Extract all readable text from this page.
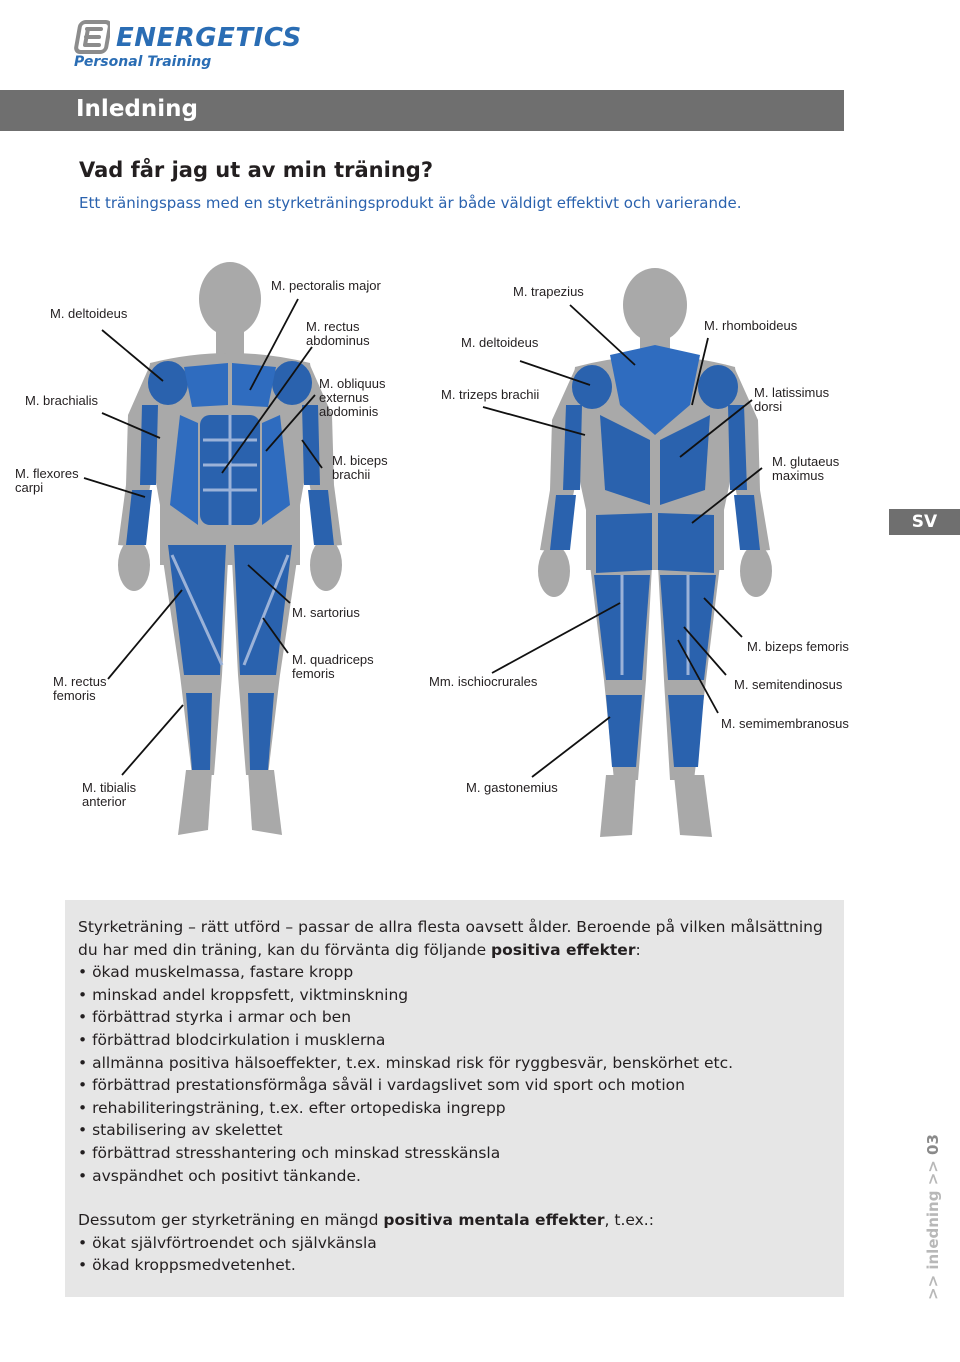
ENERGETICS
Personal Training
Inledning
Vad får jag ut av min träning?
Ett träningspass med en styrketräningsprodukt är både väldigt effektivt och varierande.
M. deltoideus
M. pectoralis major
M. rectus
abdominus
M. brachialis
M. obliquus
externus
abdominis
M. flexores
carpi
M. biceps
brachii
M. sartorius
M. rectus
femoris
M. quadriceps
femoris
M. tibialis
anterior
M. trapezius
M. deltoideus
M. rhomboideus
M. trizeps brachii	M. latissimus
dorsi
M. glutaeus
maximus
M. bizeps femoris
Mm. ischiocrurales	M. semitendinosus
M. semimembranosus
M. gastonemius
SV

Styrketräning – rätt utförd – passar de allra flesta oavsett ålder. Beroende på vilken målsättning du har med din träning, kan du förvänta dig följande positiva effekter:

• ökad muskelmassa, fastare kropp
• minskad andel kroppsfett, viktminskning
• förbättrad styrka i armar och ben
• förbättrad blodcirkulation i musklerna
• allmänna positiva hälsoeffekter, t.ex. minskad risk för ryggbesvär, benskörhet etc.
• förbättrad prestationsförmåga såväl i vardagslivet som vid sport och motion
• rehabiliteringsträning, t.ex. efter ortopediska ingrepp
• stabilisering av skelettet
• förbättrad stresshantering och minskad stresskänsla
• avspändhet och positivt tänkande.

Dessutom ger styrketräning en mängd positiva mentala effekter, t.ex.:

• ökat självförtroendet och självkänsla
• ökad kroppsmedvetenhet.	>> inledning >> 03
